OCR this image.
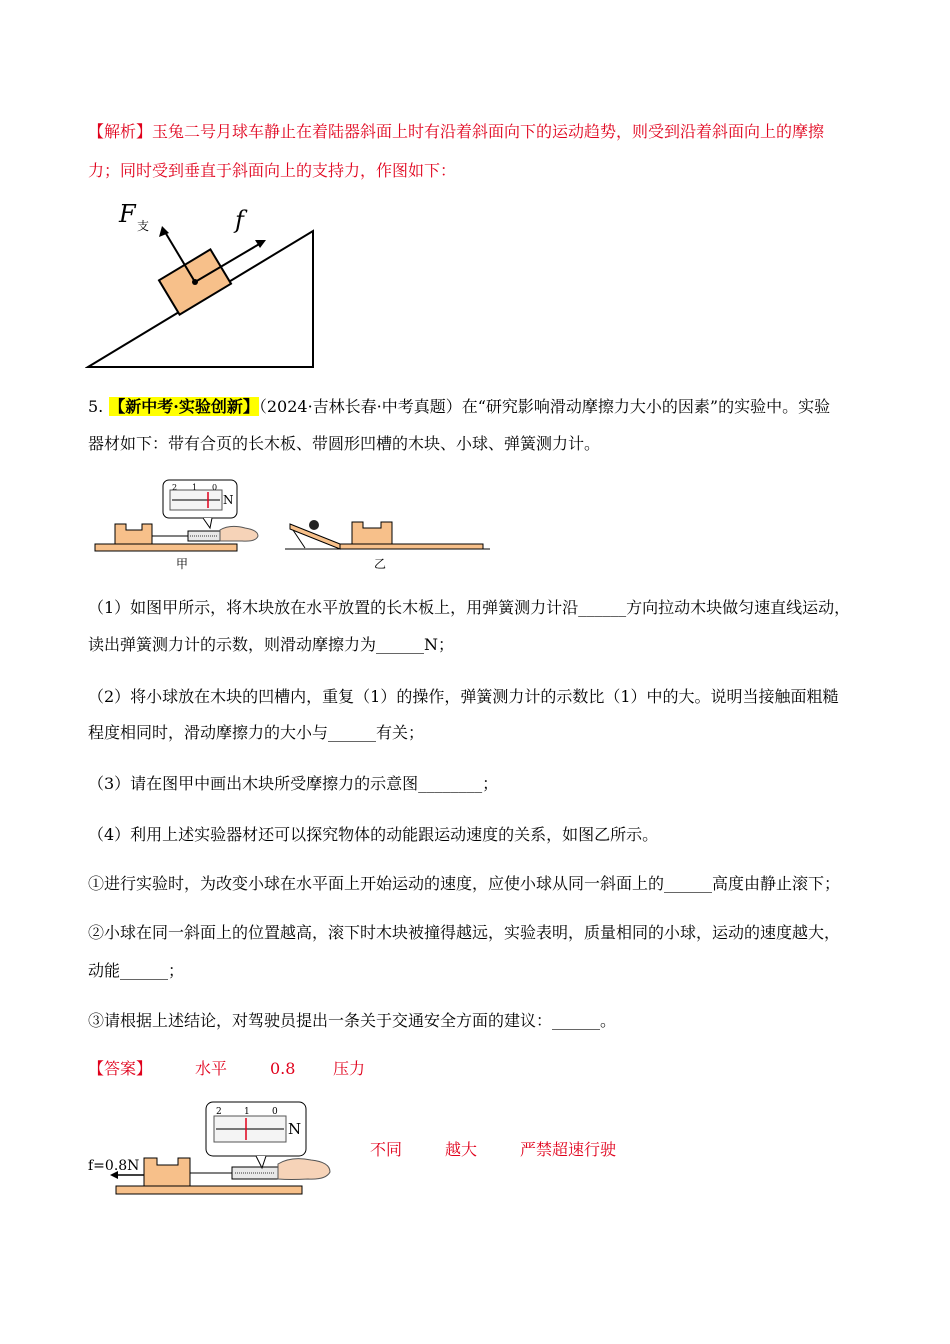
【解析】玉兔二号月球车静止在着陆器斜面上时有沿着斜面向下的运动趋势，则受到沿着斜面向上的摩擦
力；同时受到垂直于斜面向上的支持力，作图如下：
F 支	f
5. 【新中考·实验创新】（2024·吉林长春·中考真题）在“研究影响滑动摩擦力大小的因素”的实验中。实验
器材如下：带有合页的长木板、带圆形凹槽的木块、小球、弹簧测力计。
2 1 0
N
甲	乙
（1）如图甲所示，将木块放在水平放置的长木板上，用弹簧测力计沿______方向拉动木块做匀速直线运动，
读出弹簧测力计的示数，则滑动摩擦力为______N；
（2）将小球放在木块的凹槽内，重复（1）的操作，弹簧测力计的示数比（1）中的大。说明当接触面粗糙
程度相同时，滑动摩擦力的大小与______有关；
（3）请在图甲中画出木块所受摩擦力的示意图________；
（4）利用上述实验器材还可以探究物体的动能跟运动速度的关系，如图乙所示。
①进行实验时，为改变小球在水平面上开始运动的速度，应使小球从同一斜面上的______高度由静止滚下；
②小球在同一斜面上的位置越高，滚下时木块被撞得越远，实验表明，质量相同的小球，运动的速度越大，
动能______；
③请根据上述结论，对驾驶员提出一条关于交通安全方面的建议：______。
【答案】	水平	0.8 压力
f=0.8N
2 1 0
N
不同	越大	严禁超速行驶
